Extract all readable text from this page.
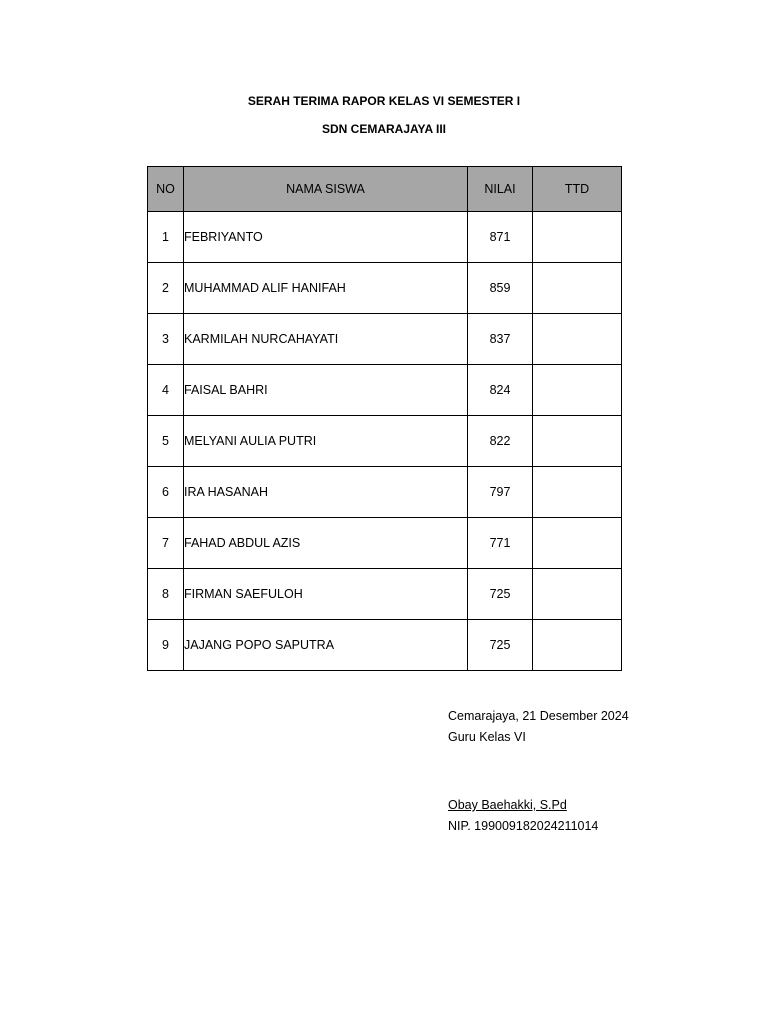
SERAH TERIMA RAPOR KELAS VI SEMESTER I
SDN CEMARAJAYA III
NO	NAMA SISWA	NILAI	TTD
1	FEBRIYANTO	871	
2	MUHAMMAD ALIF HANIFAH	859	
3	KARMILAH NURCAHAYATI	837	
4	FAISAL BAHRI	824	
5	MELYANI AULIA PUTRI	822	
6	IRA HASANAH	797	
7	FAHAD ABDUL AZIS	771	
8	FIRMAN SAEFULOH	725	
9	JAJANG POPO SAPUTRA	725	
Cemarajaya, 21 Desember 2024
Guru Kelas VI
Obay Baehakki, S.Pd
NIP. 199009182024211014
